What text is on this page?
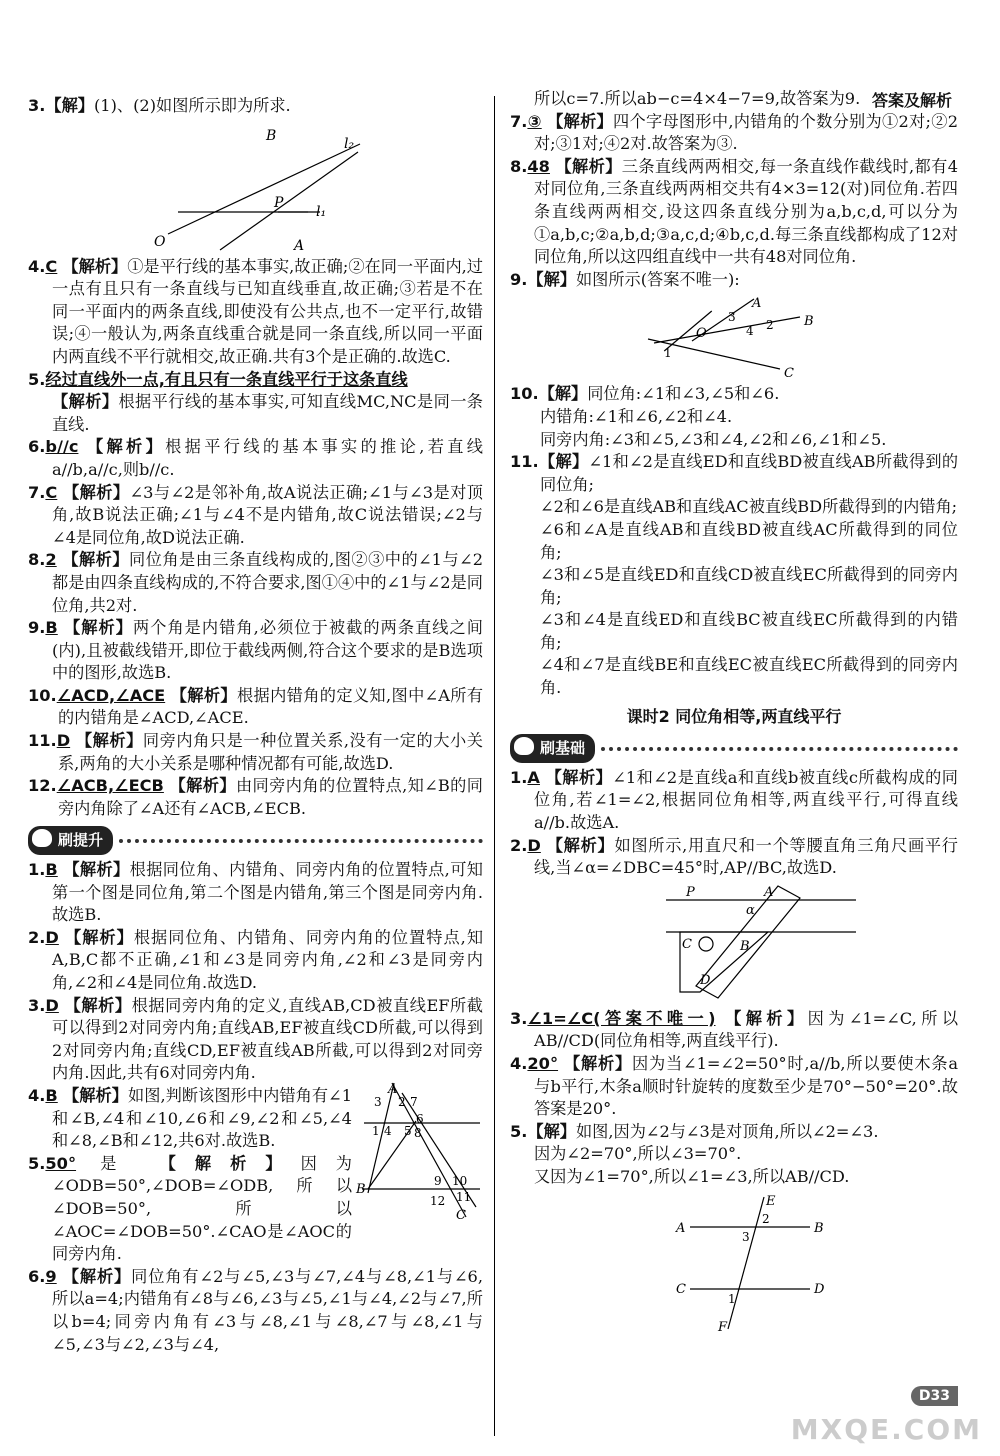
答案及解析

3.【解】(1)、(2)如图所示即为所求.

B	l₂
P
l₁
O	A

4.C 【解析】①是平行线的基本事实,故正确;②在同一平面内,过一点有且只有一条直线与已知直线垂直,故正确;③若是不在同一平面内的两条直线,即使没有公共点,也不一定平行,故错误;④一般认为,两条直线重合就是同一条直线,所以同一平面内两直线不平行就相交,故正确.共有3个是正确的.故选C.

5.经过直线外一点,有且只有一条直线平行于这条直线
【解析】根据平行线的基本事实,可知直线MC,NC是同一条直线.

6.b//c 【解析】根据平行线的基本事实的推论,若直线a//b,a//c,则b//c.

7.C 【解析】∠3与∠2是邻补角,故A说法正确;∠1与∠3是对顶角,故B说法正确;∠1与∠4不是内错角,故C说法错误;∠2与∠4是同位角,故D说法正确.

8.2 【解析】同位角是由三条直线构成的,图②③中的∠1与∠2都是由四条直线构成的,不符合要求,图①④中的∠1与∠2是同位角,共2对.

9.B 【解析】两个角是内错角,必须位于被截的两条直线之间(内),且被截线错开,即位于截线两侧,符合这个要求的是B选项中的图形,故选B.

10.∠ACD,∠ACE 【解析】根据内错角的定义知,图中∠A所有的内错角是∠ACD,∠ACE.

11.D 【解析】同旁内角只是一种位置关系,没有一定的大小关系,两角的大小关系是哪种情况都有可能,故选D.

12.∠ACB,∠ECB 【解析】由同旁内角的位置特点,知∠B的同旁内角除了∠A还有∠ACB,∠ECB.

刷提升

1.B 【解析】根据同位角、内错角、同旁内角的位置特点,可知第一个图是同位角,第二个图是内错角,第三个图是同旁内角.故选B.

2.D 【解析】根据同位角、内错角、同旁内角的位置特点,知A,B,C都不正确,∠1和∠3是同旁内角,∠2和∠3是同旁内角,∠2和∠4是同位角.故选D.

3.D 【解析】根据同旁内角的定义,直线AB,CD被直线EF所截可以得到2对同旁内角;直线AB,EF被直线CD所截,可以得到2对同旁内角;直线CD,EF被直线AB所截,可以得到2对同旁内角.因此,共有6对同旁内角.

A
3 2 7
1 4 5
6
8
B
9 10
11
12
C

4.B 【解析】如图,判断该图形中内错角有∠1和∠B,∠4和∠10,∠6和∠9,∠2和∠5,∠4和∠8,∠B和∠12,共6对.故选B.

5.50° 是 【解析】因为∠ODB=50°,∠DOB=∠ODB,所以∠DOB=50°,所以∠AOC=∠DOB=50°.∠CAO是∠AOC的同旁内角.

6.9 【解析】同位角有∠2与∠5,∠3与∠7,∠4与∠8,∠1与∠6,所以a=4;内错角有∠8与∠6,∠3与∠5,∠1与∠4,∠2与∠7,所以b=4;同旁内角有∠3与∠8,∠1与∠8,∠7与∠8,∠1与∠5,∠3与∠2,∠3与∠4,

所以c=7.所以ab−c=4×4−7=9,故答案为9.

7.③ 【解析】四个字母图形中,内错角的个数分别为①2对;②2对;③1对;④2对.故答案为③.

8.48 【解析】三条直线两两相交,每一条直线作截线时,都有4对同位角,三条直线两两相交共有4×3=12(对)同位角.若四条直线两两相交,设这四条直线分别为a,b,c,d,可以分为①a,b,c;②a,b,d;③a,c,d;④b,c,d.每三条直线都构成了12对同位角,所以这四组直线中一共有48对同位角.

9.【解】如图所示(答案不唯一):

A
3
O	4 2 B
1
C

10.【解】同位角:∠1和∠3,∠5和∠6.
内错角:∠1和∠6,∠2和∠4.
同旁内角:∠3和∠5,∠3和∠4,∠2和∠6,∠1和∠5.

11.【解】∠1和∠2是直线ED和直线BD被直线AB所截得到的同位角;
∠2和∠6是直线AB和直线AC被直线BD所截得到的内错角;
∠6和∠A是直线AB和直线BD被直线AC所截得到的同位角;
∠3和∠5是直线ED和直线CD被直线EC所截得到的同旁内角;
∠3和∠4是直线ED和直线BC被直线EC所截得到的内错角;
∠4和∠7是直线BE和直线EC被直线EC所截得到的同旁内角.

课时2 同位角相等,两直线平行
刷基础

1.A 【解析】∠1和∠2是直线a和直线b被直线c所截构成的同位角,若∠1=∠2,根据同位角相等,两直线平行,可得直线a//b.故选A.

2.D 【解析】如图所示,用直尺和一个等腰直角三角尺画平行线,当∠α=∠DBC=45°时,AP//BC,故选D.

P	A
α
C	B
D

3.∠1=∠C(答案不唯一) 【解析】因为∠1=∠C,所以AB//CD(同位角相等,两直线平行).

4.20° 【解析】因为当∠1=∠2=50°时,a//b,所以要使木条a与b平行,木条a顺时针旋转的度数至少是70°−50°=20°.故答案是20°.

5.【解】如图,因为∠2与∠3是对顶角,所以∠2=∠3.
因为∠2=70°,所以∠3=70°.
又因为∠1=70°,所以∠1=∠3,所以AB//CD.

E
A
2
B
3
C
1
D
F
D33
MXQE.COM
